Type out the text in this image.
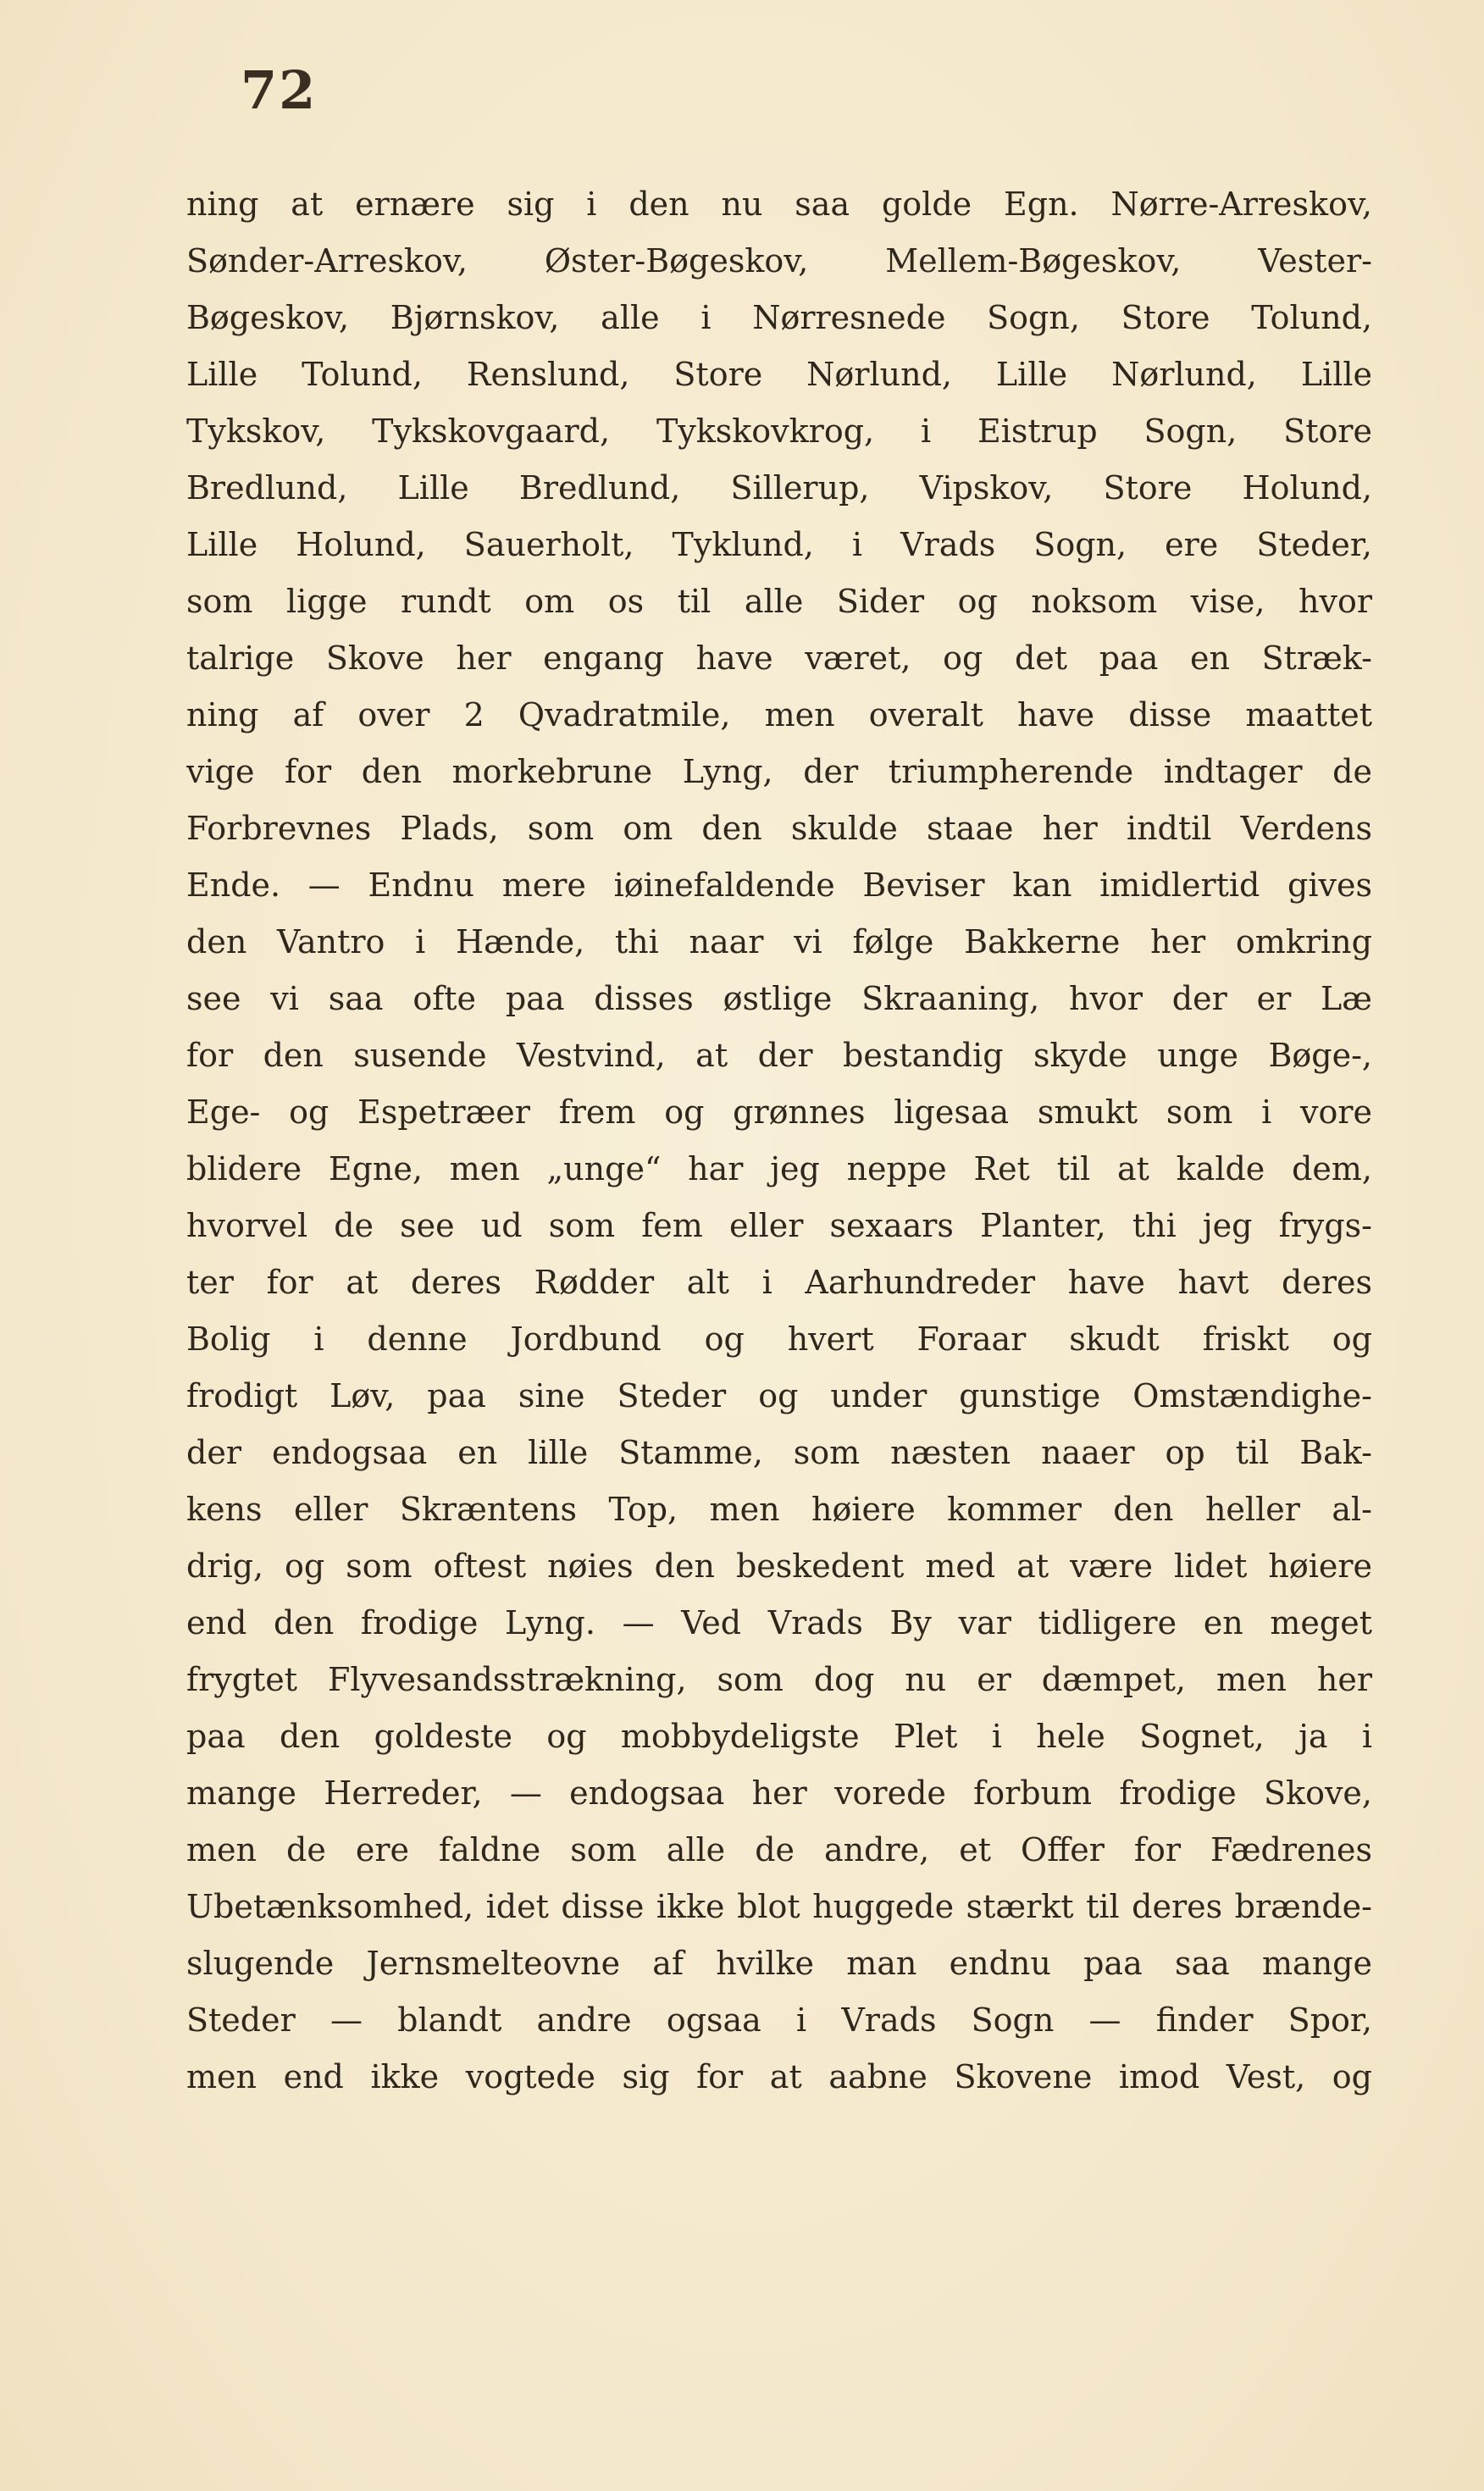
72
ning at ernære sig i den nu saa golde Egn. Nørre-Arreskov,
Sønder-Arreskov, Øster-Bøgeskov, Mellem-Bøgeskov, Vester-
Bøgeskov, Bjørnskov, alle i Nørresnede Sogn, Store Tolund,
Lille Tolund, Renslund, Store Nørlund, Lille Nørlund, Lille
Tykskov, Tykskovgaard, Tykskovkrog, i Eistrup Sogn, Store
Bredlund, Lille Bredlund, Sillerup, Vipskov, Store Holund,
Lille Holund, Sauerholt, Tyklund, i Vrads Sogn, ere Steder,
som ligge rundt om os til alle Sider og noksom vise, hvor
talrige Skove her engang have været, og det paa en Stræk-
ning af over 2 Qvadratmile, men overalt have disse maattet
vige for den morkebrune Lyng, der triumpherende indtager de
Forbrevnes Plads, som om den skulde staae her indtil Verdens
Ende. — Endnu mere iøinefaldende Beviser kan imidlertid gives
den Vantro i Hænde, thi naar vi følge Bakkerne her omkring
see vi saa ofte paa disses østlige Skraaning, hvor der er Læ
for den susende Vestvind, at der bestandig skyde unge Bøge-,
Ege- og Espetræer frem og grønnes ligesaa smukt som i vore
blidere Egne, men „unge“ har jeg neppe Ret til at kalde dem,
hvorvel de see ud som fem eller sexaars Planter, thi jeg frygs-
ter for at deres Rødder alt i Aarhundreder have havt deres
Bolig i denne Jordbund og hvert Foraar skudt friskt og
frodigt Løv, paa sine Steder og under gunstige Omstændighe-
der endogsaa en lille Stamme, som næsten naaer op til Bak-
kens eller Skræntens Top, men høiere kommer den heller al-
drig, og som oftest nøies den beskedent med at være lidet høiere
end den frodige Lyng. — Ved Vrads By var tidligere en meget
frygtet Flyvesandsstrækning, som dog nu er dæmpet, men her
paa den goldeste og mobbydeligste Plet i hele Sognet, ja i
mange Herreder, — endogsaa her vorede forbum frodige Skove,
men de ere faldne som alle de andre, et Offer for Fædrenes
Ubetænksomhed, idet disse ikke blot huggede stærkt til deres brænde-
slugende Jernsmelteovne af hvilke man endnu paa saa mange
Steder — blandt andre ogsaa i Vrads Sogn — finder Spor,
men end ikke vogtede sig for at aabne Skovene imod Vest, og
